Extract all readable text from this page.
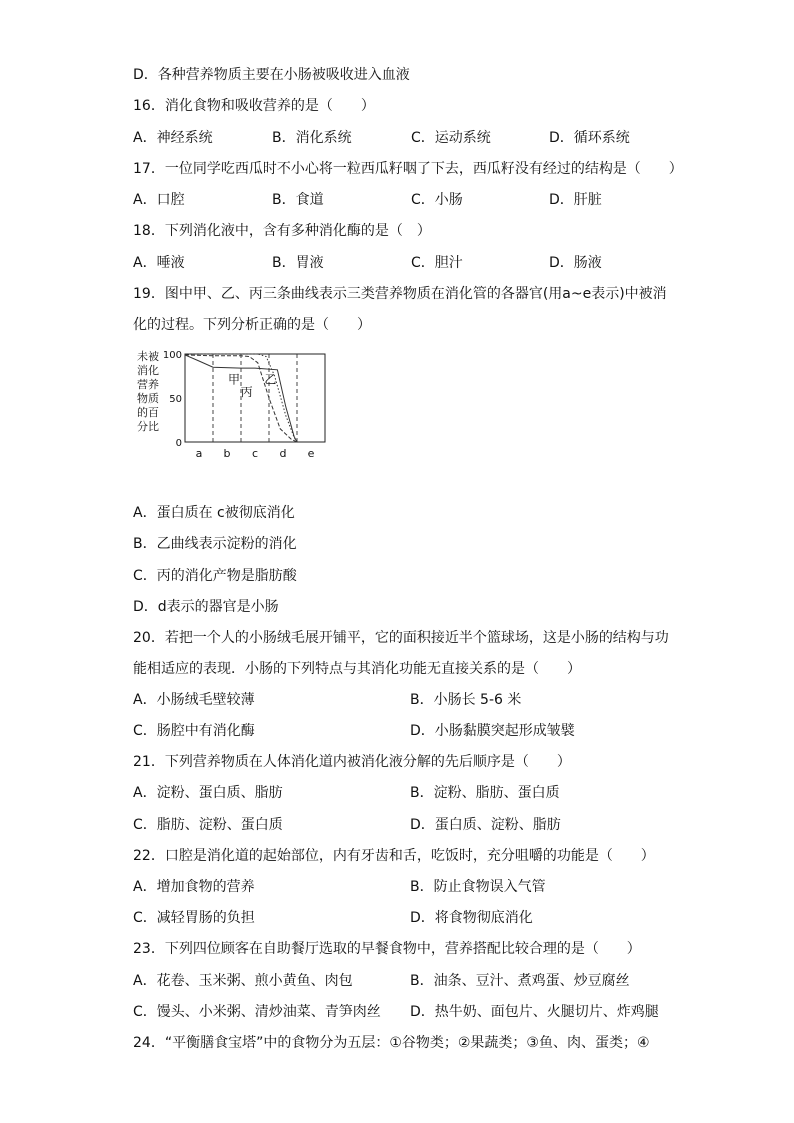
D．各种营养物质主要在小肠被吸收进入血液
16．消化食物和吸收营养的是（　　）
A．神经系统	B．消化系统	C．运动系统	D．循环系统
17．一位同学吃西瓜时不小心将一粒西瓜籽咽了下去，西瓜籽没有经过的结构是（　　）
A．口腔	B．食道	C．小肠	D．肝脏
18．下列消化液中，含有多种消化酶的是（　）
A．唾液	B．胃液	C．胆汁	D．肠液
19．图中甲、乙、丙三条曲线表示三类营养物质在消化管的各器官(用a~e表示)中被消
化的过程。下列分析正确的是（　　）
未被
消化
营养
物质
的百
分比
100
50
0
a b c d e
甲
丙
乙
A．蛋白质在 c被彻底消化
B．乙曲线表示淀粉的消化
C．丙的消化产物是脂肪酸
D．d表示的器官是小肠
20．若把一个人的小肠绒毛展开铺平，它的面积接近半个篮球场，这是小肠的结构与功
能相适应的表现．小肠的下列特点与其消化功能无直接关系的是（　　）
A．小肠绒毛壁较薄	B．小肠长 5-6 米
C．肠腔中有消化酶	D．小肠黏膜突起形成皱襞
21．下列营养物质在人体消化道内被消化液分解的先后顺序是（　　）
A．淀粉、蛋白质、脂肪	B．淀粉、脂肪、蛋白质
C．脂肪、淀粉、蛋白质	D．蛋白质、淀粉、脂肪
22．口腔是消化道的起始部位，内有牙齿和舌，吃饭时，充分咀嚼的功能是（　　）
A．增加食物的营养	B．防止食物误入气管
C．减轻胃肠的负担	D．将食物彻底消化
23．下列四位顾客在自助餐厅选取的早餐食物中，营养搭配比较合理的是（　　）
A．花卷、玉米粥、煎小黄鱼、肉包	B．油条、豆汁、煮鸡蛋、炒豆腐丝
C．馒头、小米粥、清炒油菜、青笋肉丝 D．热牛奶、面包片、火腿切片、炸鸡腿
24．“平衡膳食宝塔”中的食物分为五层：①谷物类；②果蔬类；③鱼、肉、蛋类；④
